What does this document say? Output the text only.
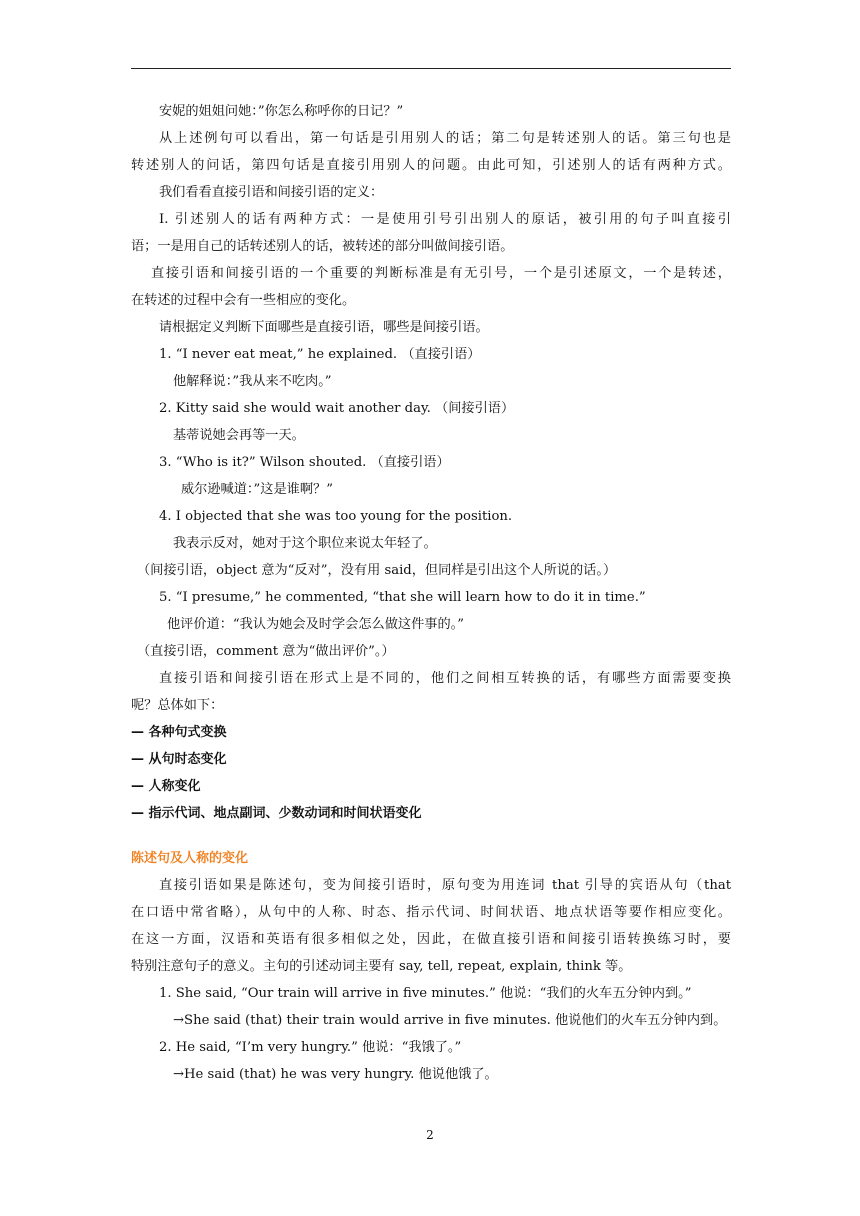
安妮的姐姐问她：”你怎么称呼你的日记？”
从上述例句可以看出，第一句话是引用别人的话；第二句是转述别人的话。第三句也是
转述别人的问话，第四句话是直接引用别人的问题。由此可知，引述别人的话有两种方式。
我们看看直接引语和间接引语的定义：
I. 引述别人的话有两种方式：一是使用引号引出别人的原话，被引用的句子叫直接引
语；一是用自己的话转述别人的话，被转述的部分叫做间接引语。
直接引语和间接引语的一个重要的判断标准是有无引号，一个是引述原文，一个是转述，
在转述的过程中会有一些相应的变化。
请根据定义判断下面哪些是直接引语，哪些是间接引语。
1. “I never eat meat,” he explained. （直接引语）
他解释说：”我从来不吃肉。”
2. Kitty said she would wait another day. （间接引语）
基蒂说她会再等一天。
3. “Who is it?” Wilson shouted. （直接引语）
威尔逊喊道：”这是谁啊？”
4. I objected that she was too young for the position.
我表示反对，她对于这个职位来说太年轻了。
（间接引语，object 意为“反对”，没有用 said，但同样是引出这个人所说的话。）
5. “I presume,” he commented, “that she will learn how to do it in time.”
他评价道：“我认为她会及时学会怎么做这件事的。”
（直接引语，comment 意为“做出评价”。）
直接引语和间接引语在形式上是不同的，他们之间相互转换的话，有哪些方面需要变换
呢？总体如下：
— 各种句式变换
— 从句时态变化
— 人称变化
— 指示代词、地点副词、少数动词和时间状语变化
陈述句及人称的变化
直接引语如果是陈述句，变为间接引语时，原句变为用连词 that 引导的宾语从句（that
在口语中常省略），从句中的人称、时态、指示代词、时间状语、地点状语等要作相应变化。
在这一方面，汉语和英语有很多相似之处，因此，在做直接引语和间接引语转换练习时，要
特别注意句子的意义。主句的引述动词主要有 say, tell, repeat, explain, think 等。
1. She said, “Our train will arrive in five minutes.” 他说：“我们的火车五分钟内到。”
→She said (that) their train would arrive in five minutes. 他说他们的火车五分钟内到。
2. He said, “I’m very hungry.” 他说：“我饿了。”
→He said (that) he was very hungry. 他说他饿了。
2
